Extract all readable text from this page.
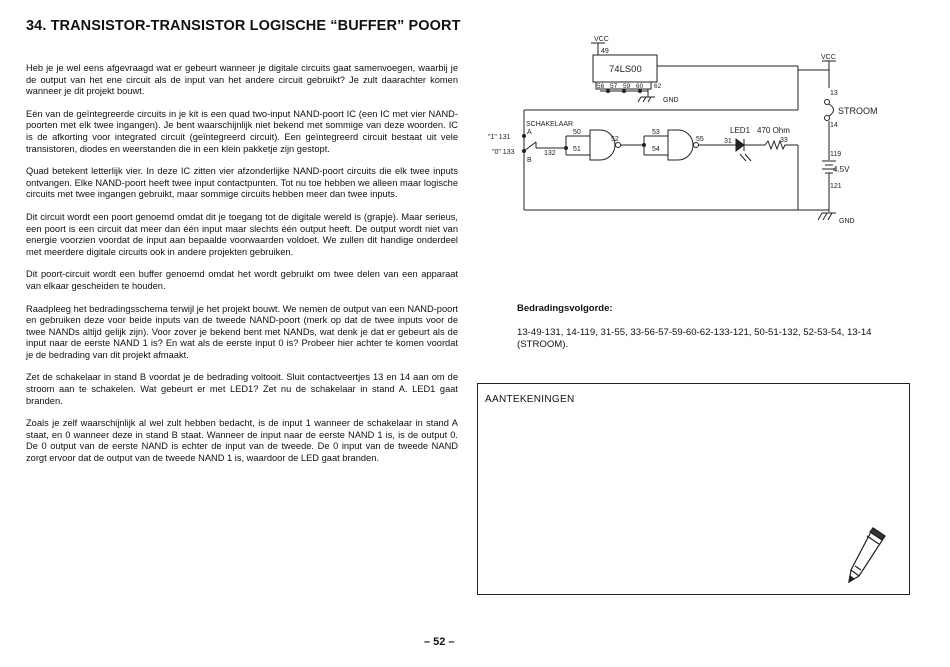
34. TRANSISTOR-TRANSISTOR LOGISCHE “BUFFER” POORT

Heb je je wel eens afgevraagd wat er gebeurt wanneer je digitale circuits gaat samenvoegen, waarbij je de output van het ene circuit als de input van het andere circuit gebruikt? Je zult daarachter komen wanneer je dit projekt bouwt.

Eén van de geïntegreerde circuits in je kit is een quad two-input NAND-poort IC (een IC met vier NAND-poorten met elk twee ingangen). Je bent waarschijnlijk niet bekend met sommige van deze woorden. IC is de afkorting voor integrated circuit (geïntegreerd circuit). Een geïntegreerd circuit bestaat uit vele transistoren, diodes en weerstanden die in een klein pakketje zijn gestopt.

Quad betekent letterlijk vier. In deze IC zitten vier afzonderlijke NAND-poort circuits die elk twee inputs ontvangen. Elke NAND-poort heeft twee input contactpunten. Tot nu toe hebben we alleen maar logische circuits met twee ingangen gebruikt, maar sommige circuits hebben meer dan twee inputs.

Dit circuit wordt een poort genoemd omdat dit je toegang tot de digitale wereld is (grapje). Maar serieus, een poort is een circuit dat meer dan één input maar slechts één output heeft. De output wordt niet van energie voorzien voordat de input aan bepaalde voorwaarden voldoet. We zullen dit handige onderdeel met meerdere digitale circuits ook in andere projekten gebruiken.

Dit poort-circuit wordt een buffer genoemd omdat het wordt gebruikt om twee delen van een apparaat van elkaar gescheiden te houden.

Raadpleeg het bedradingsschema terwijl je het projekt bouwt. We nemen de output van een NAND-poort en gebruiken deze voor beide inputs van de tweede NAND-poort (merk op dat de twee inputs voor de twee NANDs altijd gelijk zijn). Voor zover je bekend bent met NANDs, wat denk je dat er gebeurt als de input naar de eerste NAND 1 is? En wat als de eerste input 0 is? Probeer hier achter te komen voordat je de bedrading van dit projekt afmaakt.

Zet de schakelaar in stand B voordat je de bedrading voltooit. Sluit contactveertjes 13 en 14 aan om de stroom aan te schakelen. Wat gebeurt er met LED1? Zet nu de schakelaar in stand A. LED1 gaat branden.

Zoals je zelf waarschijnlijk al wel zult hebben bedacht, is de input 1 wanneer de schakelaar in stand A staat, en 0 wanneer deze in stand B staat. Wanneer de input naar de eerste NAND 1 is, is de output 0. De 0 output van de eerste NAND is echter de input van de tweede. De 0 input van de tweede NAND zorgt ervoor dat de output van de tweede NAND 1 is, waardoor de LED gaat branden.

VCC
49
74LS00
56 57 59 60 62
GND
VCC
13
STROOM
14
119
4.5V
121
GND
SCHAKELAAR
A
B
"1" 131
"0" 133	132
50
51
52
53
54
55
LED1 470 Ohm
31	33

Bedradingsvolgorde:

13-49-131, 14-119, 31-55, 33-56-57-59-60-62-133-121, 50-51-132, 52-53-54, 13-14 (STROOM).

AANTEKENINGEN

– 52 –
